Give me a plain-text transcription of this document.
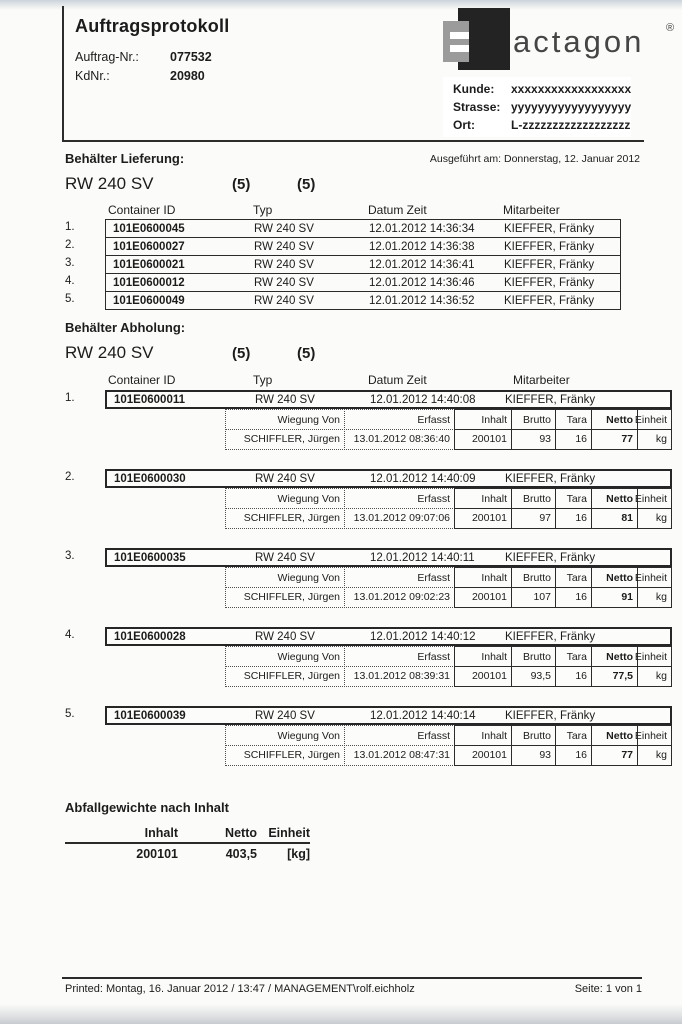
Auftragsprotokoll
Auftrag-Nr.: 077532
KdNr.:	20980
actagon ®
Kunde: xxxxxxxxxxxxxxxxxx
Strasse: yyyyyyyyyyyyyyyyyy
Ort:	L-zzzzzzzzzzzzzzzzzz
Behälter Lieferung:	Ausgeführt am: Donnerstag, 12. Januar 2012
RW 240 SV	(5)	(5)
Container ID	Typ	Datum Zeit	Mitarbeiter
1.	101E0600045	RW 240 SV	12.01.2012 14:36:34	KIEFFER, Fränky
2.	101E0600027	RW 240 SV	12.01.2012 14:36:38	KIEFFER, Fränky
3.	101E0600021	RW 240 SV	12.01.2012 14:36:41	KIEFFER, Fränky
4.	101E0600012	RW 240 SV	12.01.2012 14:36:46	KIEFFER, Fränky
5.	101E0600049	RW 240 SV	12.01.2012 14:36:52	KIEFFER, Fränky
Behälter Abholung:
RW 240 SV	(5)	(5)
Container ID	Typ	Datum Zeit	Mitarbeiter
1.	101E0600011	RW 240 SV	12.01.2012 14:40:08	KIEFFER, Fränky
Wiegung Von	Erfasst	Inhalt	Brutto	Tara	Netto Einheit
SCHIFFLER, Jürgen	13.01.2012 08:36:40	200101	93	16	77	kg
2.	101E0600030	RW 240 SV	12.01.2012 14:40:09	KIEFFER, Fränky
Wiegung Von	Erfasst	Inhalt	Brutto	Tara	Netto Einheit
SCHIFFLER, Jürgen	13.01.2012 09:07:06	200101	97	16	81	kg
3.	101E0600035	RW 240 SV	12.01.2012 14:40:11	KIEFFER, Fränky
Wiegung Von	Erfasst	Inhalt	Brutto	Tara	Netto Einheit
SCHIFFLER, Jürgen	13.01.2012 09:02:23	200101	107	16	91	kg
4.	101E0600028	RW 240 SV	12.01.2012 14:40:12	KIEFFER, Fränky
Wiegung Von	Erfasst	Inhalt	Brutto	Tara	Netto Einheit
SCHIFFLER, Jürgen	13.01.2012 08:39:31	200101	93,5	16	77,5	kg
5.	101E0600039	RW 240 SV	12.01.2012 14:40:14	KIEFFER, Fränky
Wiegung Von	Erfasst	Inhalt	Brutto	Tara	Netto Einheit
SCHIFFLER, Jürgen	13.01.2012 08:47:31	200101	93	16	77	kg
Abfallgewichte nach Inhalt
Inhalt	Netto Einheit
200101	403,5	[kg]
Printed: Montag, 16. Januar 2012 / 13:47 / MANAGEMENT\rolf.eichholz	Seite: 1 von 1
